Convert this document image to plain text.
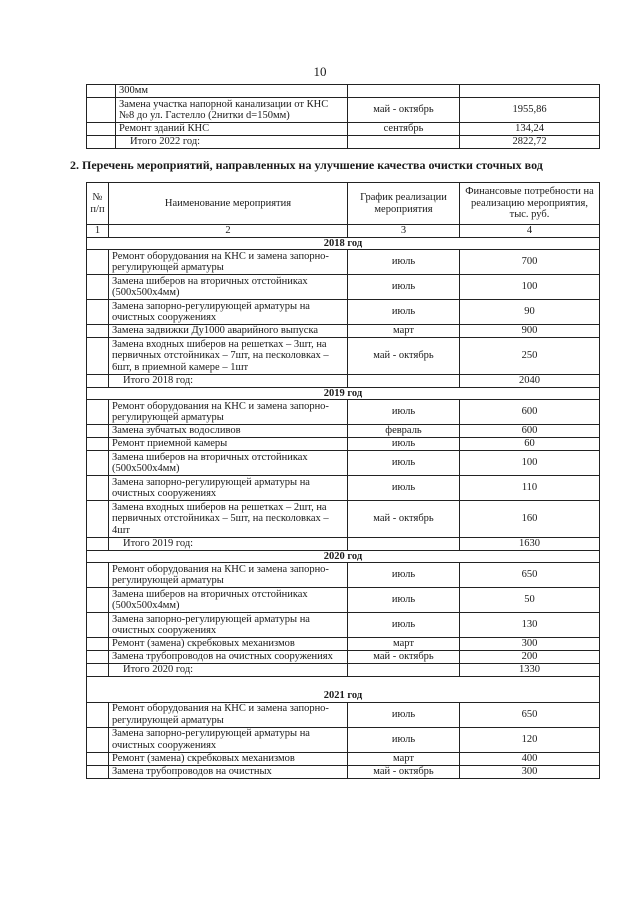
10
	300мм		
	Замена участка напорной канализации от КНС №8 до ул. Гастелло (2нитки d=150мм)	май - октябрь	1955,86
	Ремонт зданий КНС	сентябрь	134,24
	Итого 2022 год:		2822,72
2. Перечень мероприятий, направленных на улучшение качества очистки сточных вод
№ п/п	Наименование мероприятия	График реализации мероприятия	Финансовые потребности на реализацию мероприятия, тыс. руб.
1	2	3	4
2018 год			
	Ремонт оборудования на КНС и замена запорно-регулирующей арматуры	июль	700
	Замена шиберов на вторичных отстойниках (500х500х4мм)	июль	100
	Замена запорно-регулирующей арматуры на очистных сооружениях	июль	90
	Замена задвижки Ду1000 аварийного выпуска	март	900
	Замена входных шиберов на решетках – 3шт, на первичных отстойниках – 7шт, на песколовках – 6шт, в приемной камере – 1шт	май - октябрь	250
	Итого 2018 год:		2040
2019 год			
	Ремонт оборудования на КНС и замена запорно-регулирующей арматуры	июль	600
	Замена зубчатых водосливов	февраль	600
	Ремонт приемной камеры	июль	60
	Замена шиберов на вторичных отстойниках (500х500х4мм)	июль	100
	Замена запорно-регулирующей арматуры на очистных сооружениях	июль	110
	Замена входных шиберов на решетках – 2шт, на первичных отстойниках – 5шт, на песколовках – 4шт	май - октябрь	160
	Итого 2019 год:		1630
2020 год			
	Ремонт оборудования на КНС и замена запорно-регулирующей арматуры	июль	650
	Замена шиберов на вторичных отстойниках (500х500х4мм)	июль	50
	Замена запорно-регулирующей арматуры на очистных сооружениях	июль	130
	Ремонт (замена) скребковых механизмов	март	300
	Замена трубопроводов на очистных сооружениях	май - октябрь	200
	Итого 2020 год:		1330
2021 год			
	Ремонт оборудования на КНС и замена запорно-регулирующей арматуры	июль	650
	Замена запорно-регулирующей арматуры на очистных сооружениях	июль	120
	Ремонт (замена) скребковых механизмов	март	400
	Замена трубопроводов на очистных	май - октябрь	300
